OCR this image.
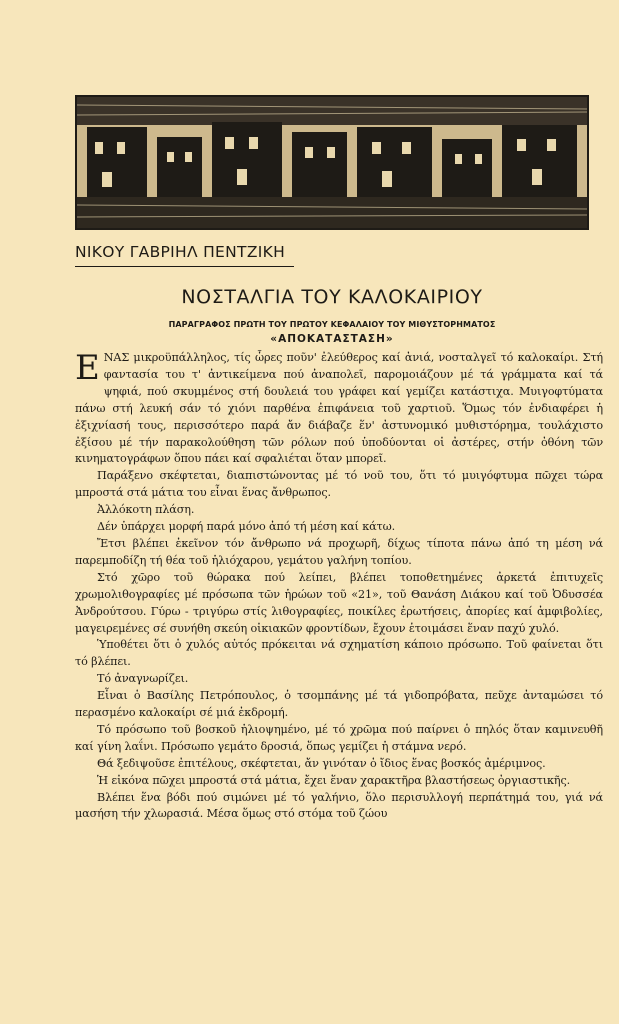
ΝΙΚΟΥ ΓΑΒΡΙΗΛ ΠΕΝΤΖΙΚΗ
ΝΟΣΤΑΛΓΙΑ ΤΟΥ ΚΑΛΟΚΑΙΡΙΟΥ
ΠΑΡΑΓΡΑΦΟΣ ΠΡΩΤΗ ΤΟΥ ΠΡΩΤΟΥ ΚΕΦΑΛΑΙΟΥ ΤΟΥ ΜΙΘΥΣΤΟΡΗΜΑΤΟΣ
«ΑΠΟΚΑΤΑΣΤΑΣΗ»

ΕΝΑΣ μικροϋπάλληλος, τίς ὧρες ποῦν' ἐλεύθερος καί ἀνιά, νοσταλγεῖ τό καλοκαίρι. Στή φαντασία του τ' ἀντικείμενα πού ἀναπολεῖ, παρομοιάζουν μέ τά γράμματα καί τά ψηφιά, πού σκυμμένος στή δουλειά του γράφει καί γεμίζει κατάστιχα. Μυιγοφτύματα πάνω στή λευκή σάν τό χιόνι παρθένα ἐπιφάνεια τοῦ χαρτιοῦ. Ὅμως τόν ἐνδιαφέρει ἡ ἐξιχνίασή τους, περισσότερο παρά ἄν διάβαζε ἕν' ἀστυνομικό μυθιστόρημα, τουλάχιστο ἐξίσου μέ τήν παρακολούθηση τῶν ρόλων πού ὑποδύονται οἱ ἀστέρες, στήν ὀθόνη τῶν κινηματογράφων ὅπου πάει καί σφαλιέται ὅταν μπορεῖ.

Παράξενο σκέφτεται, διαπιστώνοντας μέ τό νοῦ του, ὅτι τό μυιγόφτυμα πῶχει τώρα μπροστά στά μάτια του εἶναι ἕνας ἄνθρωπος.

Ἀλλόκοτη πλάση.

Δέν ὑπάρχει μορφή παρά μόνο ἀπό τή μέση καί κάτω.

Ἔτσι βλέπει ἐκεῖνον τόν ἄνθρωπο νά προχωρῆ, δίχως τίποτα πάνω ἀπό τη μέση νά παρεμποδίζη τή θέα τοῦ ἡλιόχαρου, γεμάτου γαλήνη τοπίου.

Στό χῶρο τοῦ θώρακα πού λείπει, βλέπει τοποθετημένες ἀρκετά ἐπιτυχεῖς χρωμολιθογραφίες μέ πρόσωπα τῶν ἡρώων τοῦ «21», τοῦ Θανάση Διάκου καί τοῦ Ὀδυσσέα Ἀνδρούτσου. Γύρω - τριγύρω στίς λιθογραφίες, ποικίλες ἐρωτήσεις, ἀπορίες καί ἀμφιβολίες, μαγειρεμένες σέ συνήθη σκεύη οἰκιακῶν φροντίδων, ἔχουν ἑτοιμάσει ἕναν παχύ χυλό.

Ὑποθέτει ὅτι ὁ χυλός αὐτός πρόκειται νά σχηματίση κάποιο πρόσωπο. Τοῦ φαίνεται ὅτι τό βλέπει.

Τό ἀναγνωρίζει.

Εἶναι ὁ Βασίλης Πετρόπουλος, ὁ τσομπάνης μέ τά γιδοπρόβατα, πεῦχε ἀνταμώσει τό περασμένο καλοκαίρι σέ μιά ἐκδρομή.

Τό πρόσωπο τοῦ βοσκοῦ ἡλιοψημένο, μέ τό χρῶμα πού παίρνει ὁ πηλός ὅταν καμινευθῆ καί γίνη λαΐνι. Πρόσωπο γεμάτο δροσιά, ὅπως γεμίζει ἡ στάμνα νερό.

Θά ξεδιψοῦσε ἐπιτέλους, σκέφτεται, ἄν γινόταν ὁ ἴδιος ἕνας βοσκός ἀμέριμνος.

Ἡ εἰκόνα πῶχει μπροστά στά μάτια, ἔχει ἕναν χαρακτῆρα βλαστήσεως ὀργιαστικῆς.

Βλέπει ἕνα βόδι πού σιμώνει μέ τό γαλήνιο, ὅλο περισυλλογή περπάτημά του, γιά νά μασήση τήν χλωρασιά. Μέσα ὅμως στό στόμα τοῦ ζώου
